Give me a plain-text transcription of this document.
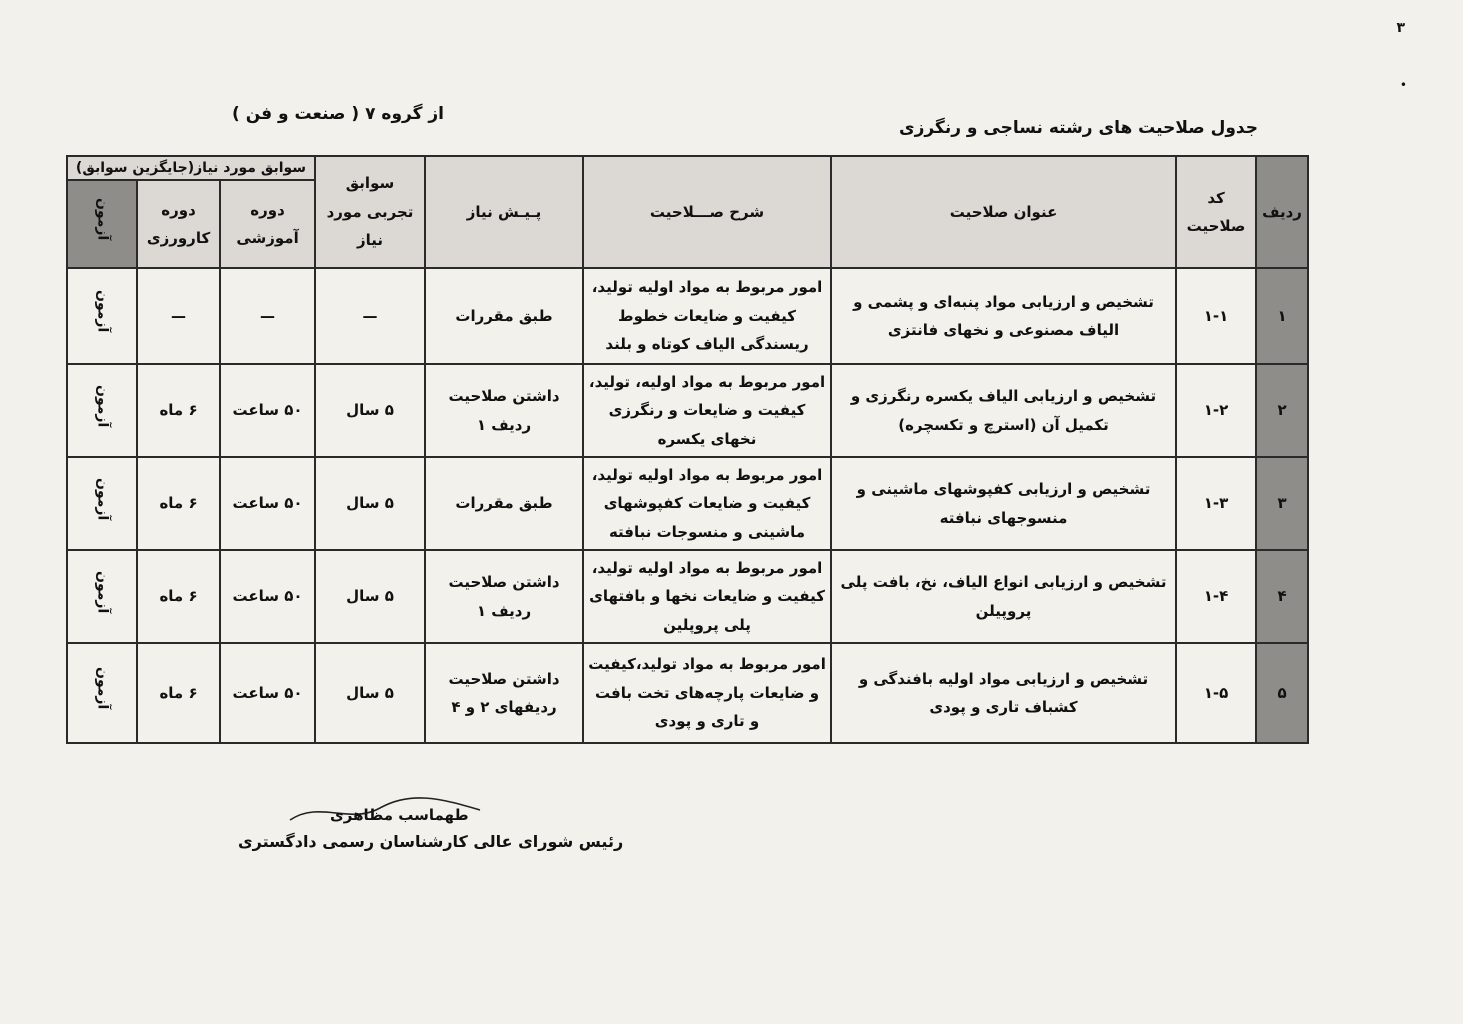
۳
•
جدول صلاحیت های رشته نساجی و رنگرزی
از گروه ۷ ( صنعت و فن )
ردیف	کد صلاحیت	عنوان صلاحیت	شرح صـــلاحیت	پـیـش نیاز	سوابق تجربی مورد نیاز	سوابق مورد نیاز(جایگزین سوابق)		
						دوره آموزشی	دوره کارورزی	آزمون
۱	۱-۱	تشخیص و ارزیابی مواد پنبه‌ای و پشمی و الیاف مصنوعی و نخهای فانتزی	امور مربوط به مواد اولیه تولید، کیفیت و ضایعات خطوط ریسندگی الیاف کوتاه و بلند	طبق مقررات	—	—	—	آزمون
۲	۱-۲	تشخیص و ارزیابی الیاف یکسره رنگرزی و تکمیل آن (استرچ و تکسچره)	امور مربوط به مواد اولیه، تولید، کیفیت و ضایعات و رنگرزی نخهای یکسره	داشتن صلاحیت ردیف ۱	۵ سال	۵۰ ساعت	۶ ماه	آزمون
۳	۱-۳	تشخیص و ارزیابی کفپوشهای ماشینی و منسوجهای نبافته	امور مربوط به مواد اولیه تولید، کیفیت و ضایعات کفپوشهای ماشینی و منسوجات نبافته	طبق مقررات	۵ سال	۵۰ ساعت	۶ ماه	آزمون
۴	۱-۴	تشخیص و ارزیابی انواع الیاف، نخ، بافت پلی پروپیلن	امور مربوط به مواد اولیه تولید، کیفیت و ضایعات نخها و بافتهای پلی پروپلین	داشتن صلاحیت ردیف ۱	۵ سال	۵۰ ساعت	۶ ماه	آزمون
۵	۱-۵	تشخیص و ارزیابی مواد اولیه بافندگی و کشباف تاری و پودی	امور مربوط به مواد تولید،کیفیت و ضایعات پارچه‌های تخت بافت و تاری و پودی	داشتن صلاحیت ردیفهای ۲ و ۴	۵ سال	۵۰ ساعت	۶ ماه	آزمون
طهماسب مظاهری
رئیس شورای عالی کارشناسان رسمی دادگستری
